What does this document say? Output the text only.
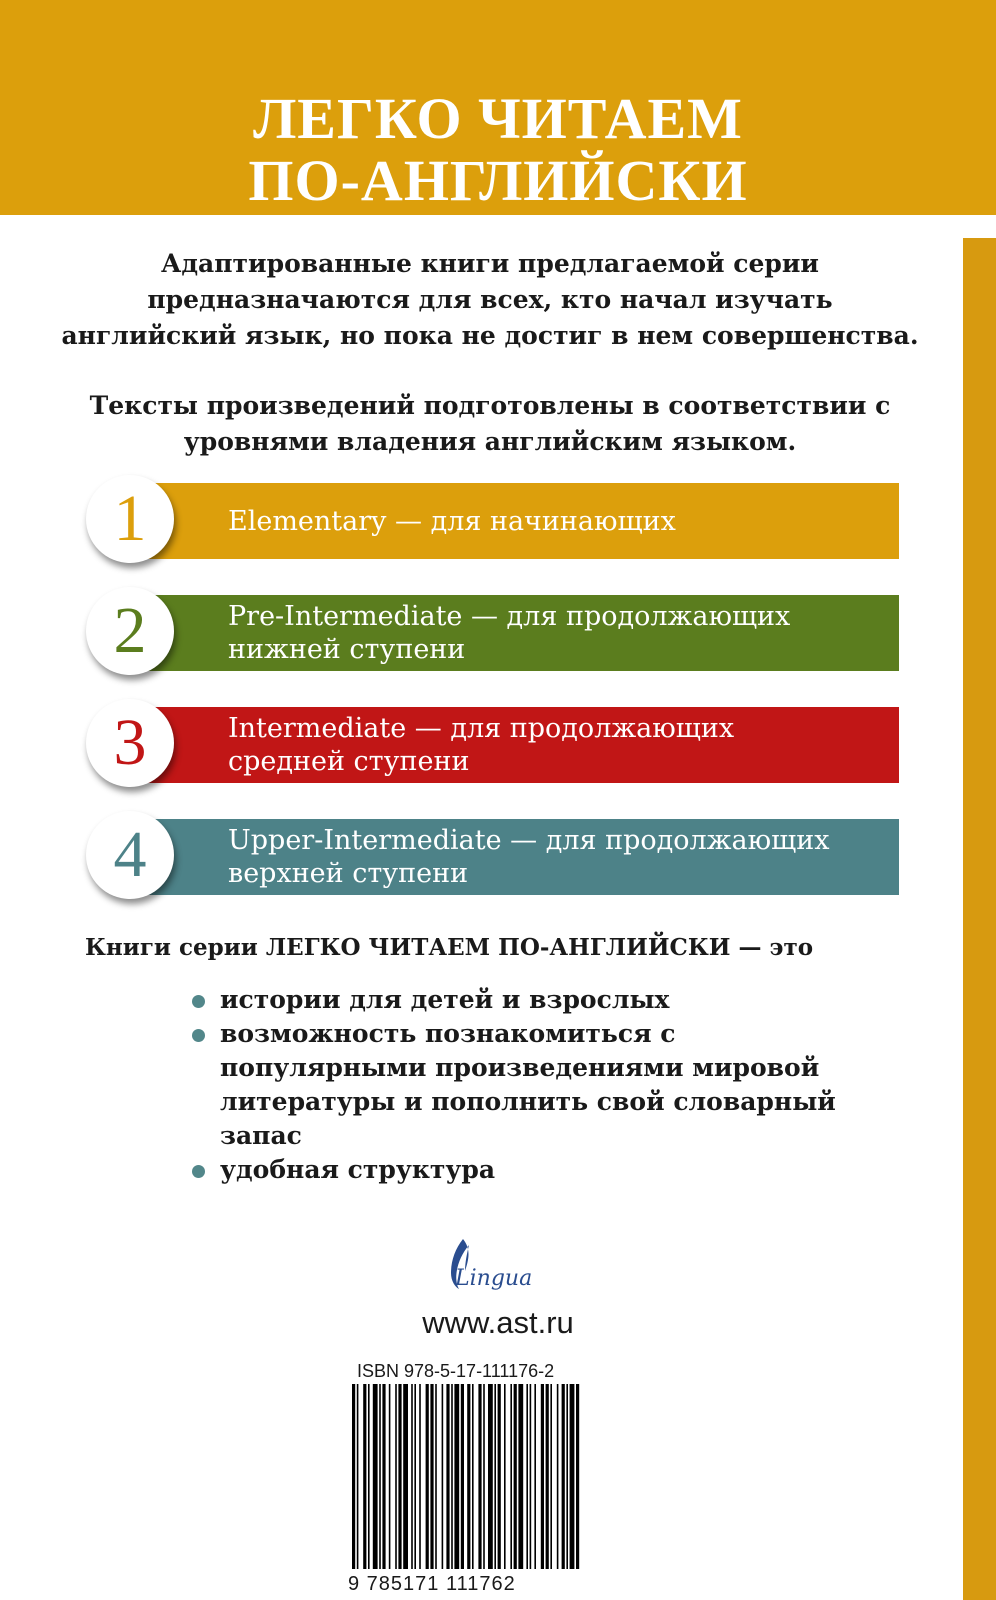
ЛЕГКО ЧИТАЕМ
ПО-АНГЛИЙСКИ

Адаптированные книги предлагаемой серии предназначаются для всех, кто начал изучать английский язык, но пока не достиг в нем совершенства.

Тексты произведений подготовлены в соответствии с уровнями владения английским языком.

Elementary — для начинающих
1
Pre-Intermediate — для продолжающих
нижней ступени
2
Intermediate — для продолжающих
средней ступени
3
Upper-Intermediate — для продолжающих
верхней ступени
4

Книги серии ЛЕГКО ЧИТАЕМ ПО-АНГЛИЙСКИ — это

истории для детей и взрослых
возможность познакомиться с популярными произведениями мировой литературы и пополнить свой словарный запас
удобная структура
Lingua
www.ast.ru
ISBN 978-5-17-111176-2
9 785171 111762
